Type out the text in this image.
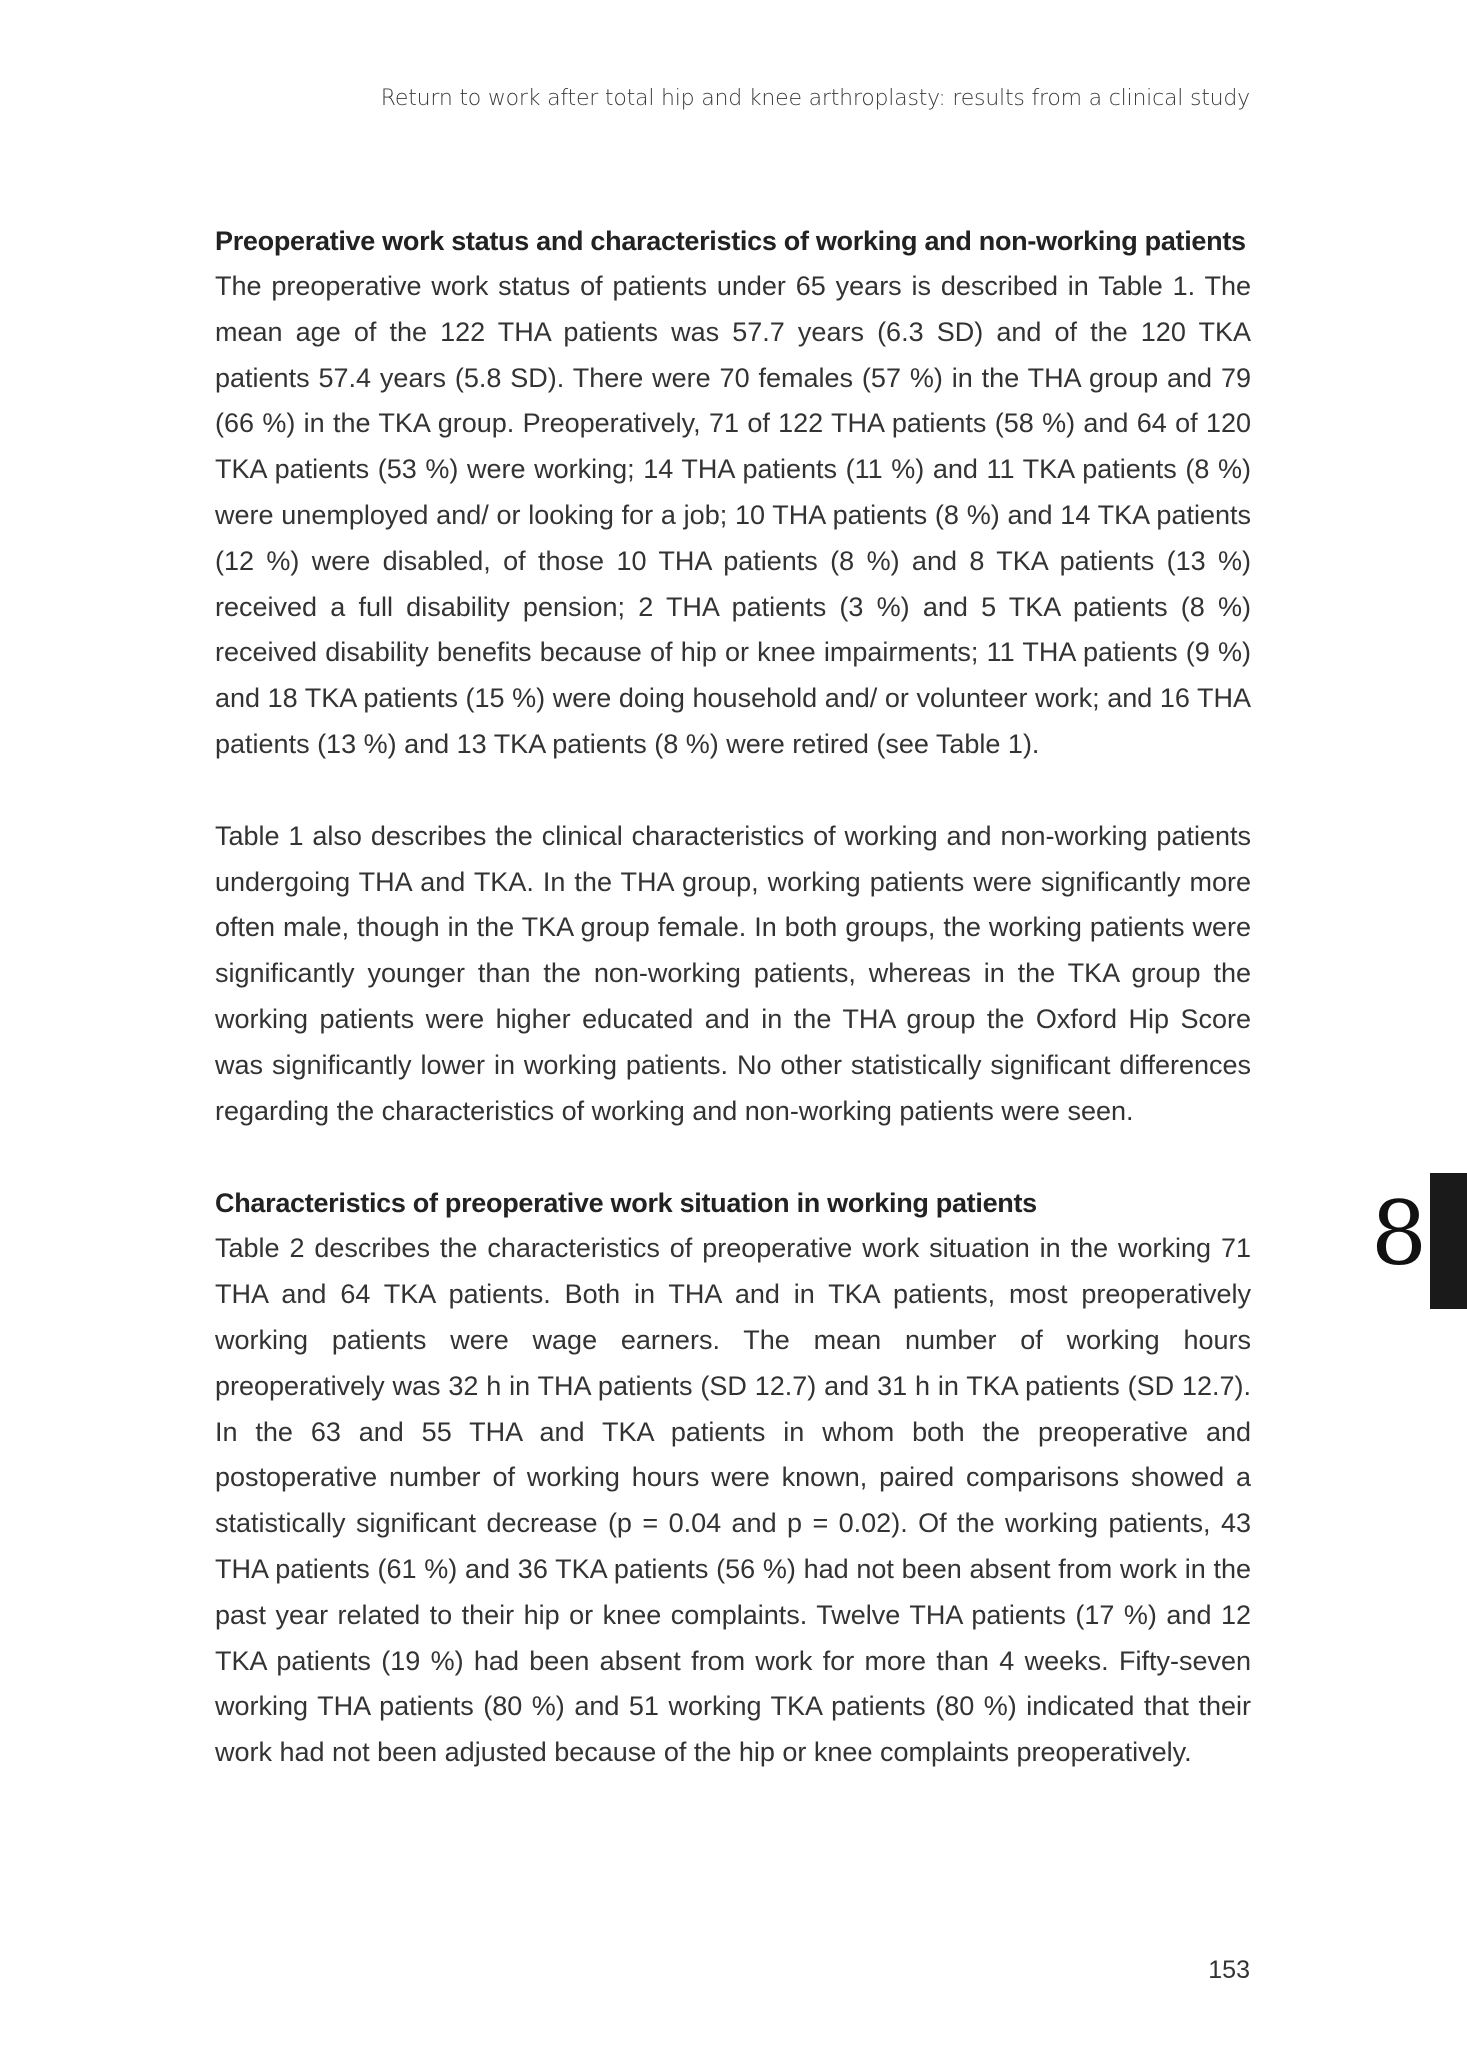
Return to work after total hip and knee arthroplasty: results from a clinical study
Preoperative work status and characteristics of working and non-working patients

The preoperative work status of patients under 65 years is described in Table 1. The mean age of the 122 THA patients was 57.7 years (6.3 SD) and of the 120 TKA patients 57.4 years (5.8 SD). There were 70 females (57 %) in the THA group and 79 (66 %) in the TKA group. Preoperatively, 71 of 122 THA patients (58 %) and 64 of 120 TKA patients (53 %) were working; 14 THA patients (11 %) and 11 TKA patients (8 %) were unemployed and/ or looking for a job; 10 THA patients (8 %) and 14 TKA patients (12 %) were disabled, of those 10 THA patients (8 %) and 8 TKA patients (13 %) received a full disability pension; 2 THA patients (3 %) and 5 TKA patients (8 %) received disability benefits because of hip or knee impairments; 11 THA patients (9 %) and 18 TKA patients (15 %) were doing household and/ or volunteer work; and 16 THA patients (13 %) and 13 TKA patients (8 %) were retired (see Table 1).

Table 1 also describes the clinical characteristics of working and non-working patients undergoing THA and TKA. In the THA group, working patients were significantly more often male, though in the TKA group female. In both groups, the working patients were significantly younger than the non-working patients, whereas in the TKA group the working patients were higher educated and in the THA group the Oxford Hip Score was significantly lower in working patients. No other statistically significant differences regarding the characteristics of working and non-working patients were seen.

Characteristics of preoperative work situation in working patients

Table 2 describes the characteristics of preoperative work situation in the working 71 THA and 64 TKA patients. Both in THA and in TKA patients, most preoperatively working patients were wage earners. The mean number of working hours preoperatively was 32 h in THA patients (SD 12.7) and 31 h in TKA patients (SD 12.7). In the 63 and 55 THA and TKA patients in whom both the preoperative and postoperative number of working hours were known, paired comparisons showed a statistically significant decrease (p = 0.04 and p = 0.02). Of the working patients, 43 THA patients (61 %) and 36 TKA patients (56 %) had not been absent from work in the past year related to their hip or knee complaints. Twelve THA patients (17 %) and 12 TKA patients (19 %) had been absent from work for more than 4 weeks. Fifty-seven working THA patients (80 %) and 51 working TKA patients (80 %) indicated that their work had not been adjusted because of the hip or knee complaints preoperatively.

8
153
